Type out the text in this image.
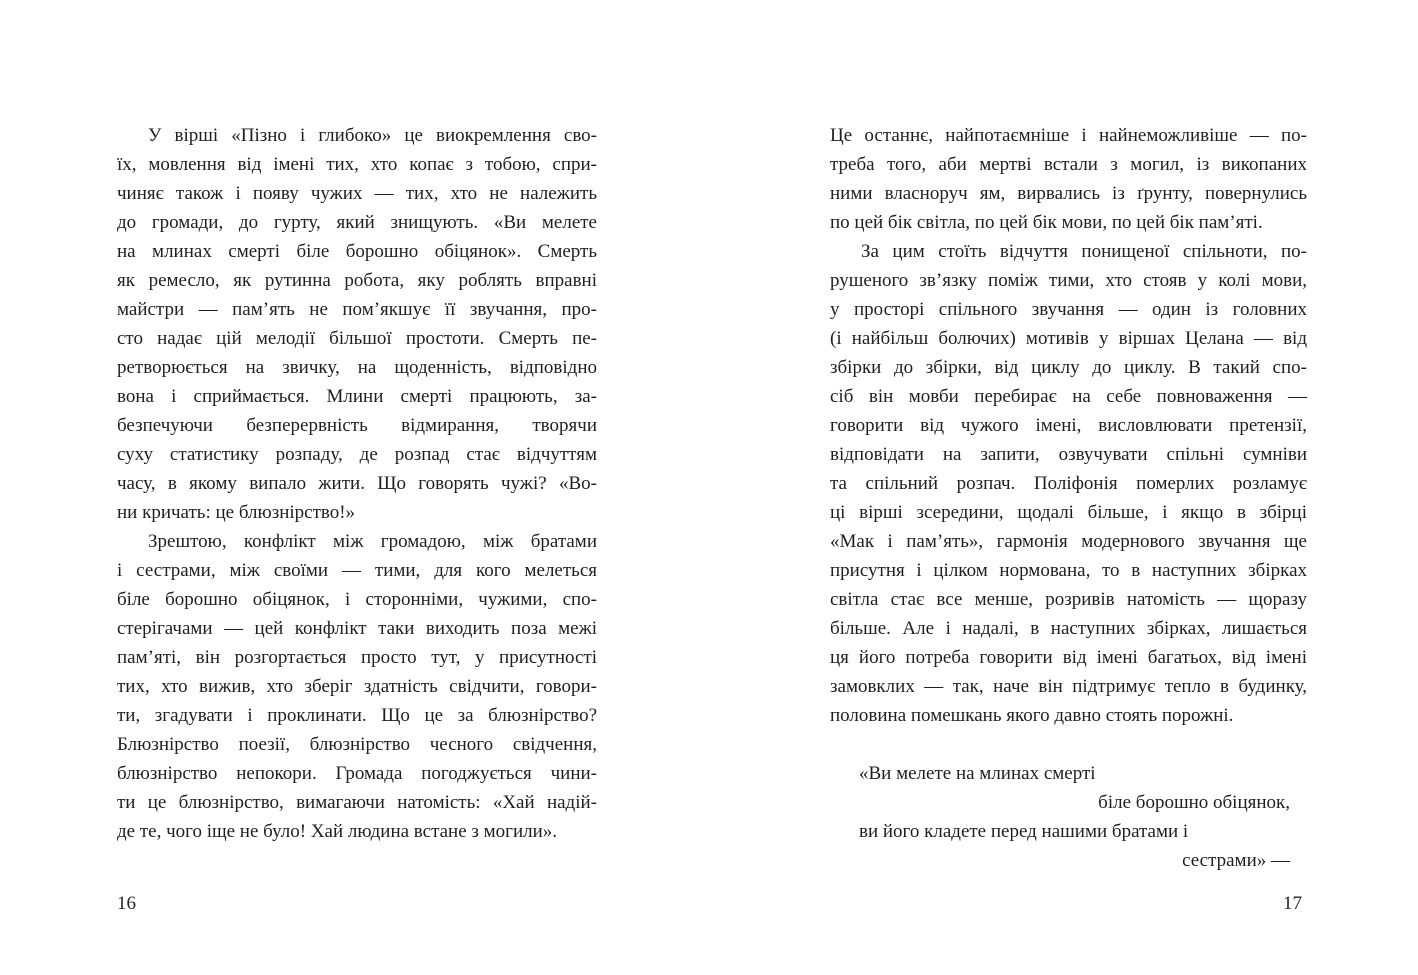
У вірші «Пізно і глибоко» це виокремлення сво-
їх, мовлення від імені тих, хто копає з тобою, спри-
чиняє також і появу чужих — тих, хто не належить
до громади, до гурту, який знищують. «Ви мелете
на млинах смерті біле борошно обіцянок». Смерть
як ремесло, як рутинна робота, яку роблять вправні
майстри — пам’ять не пом’якшує її звучання, про-
сто надає цій мелодії більшої простоти. Смерть пе-
ретворюється на звичку, на щоденність, відповідно
вона і сприймається. Млини смерті працюють, за-
безпечуючи безперервність відмирання, творячи
суху статистику розпаду, де розпад стає відчуттям
часу, в якому випало жити. Що говорять чужі? «Во-
ни кричать: це блюзнірство!»
Зрештою, конфлікт між громадою, між братами
і сестрами, між своїми — тими, для кого мелеться
біле борошно обіцянок, і сторонніми, чужими, спо-
стерігачами — цей конфлікт таки виходить поза межі
пам’яті, він розгортається просто тут, у присутності
тих, хто вижив, хто зберіг здатність свідчити, говори-
ти, згадувати і проклинати. Що це за блюзнірство?
Блюзнірство поезії, блюзнірство чесного свідчення,
блюзнірство непокори. Громада погоджується чини-
ти це блюзнірство, вимагаючи натомість: «Хай надій-
де те, чого іще не було! Хай людина встане з могили».
Це останнє, найпотаємніше і найнеможливіше — по-
треба того, аби мертві встали з могил, із викопаних
ними власноруч ям, вирвались із ґрунту, повернулись
по цей бік світла, по цей бік мови, по цей бік пам’яті.
За цим стоїть відчуття понищеної спільноти, по-
рушеного зв’язку поміж тими, хто стояв у колі мови,
у просторі спільного звучання — один із головних
(і найбільш болючих) мотивів у віршах Целана — від
збірки до збірки, від циклу до циклу. В такий спо-
сіб він мовби перебирає на себе повноваження —
говорити від чужого імені, висловлювати претензії,
відповідати на запити, озвучувати спільні сумніви
та спільний розпач. Поліфонія померлих розламує
ці вірші зсередини, щодалі більше, і якщо в збірці
«Мак і пам’ять», гармонія модернового звучання ще
присутня і цілком нормована, то в наступних збірках
світла стає все менше, розривів натомість — щоразу
більше. Але і надалі, в наступних збірках, лишається
ця його потреба говорити від імені багатьох, від імені
замовклих — так, наче він підтримує тепло в будинку,
половина помешкань якого давно стоять порожні.
«Ви мелете на млинах смерті
біле борошно обіцянок,
ви його кладете перед нашими братами і
сестрами» —
16	17
